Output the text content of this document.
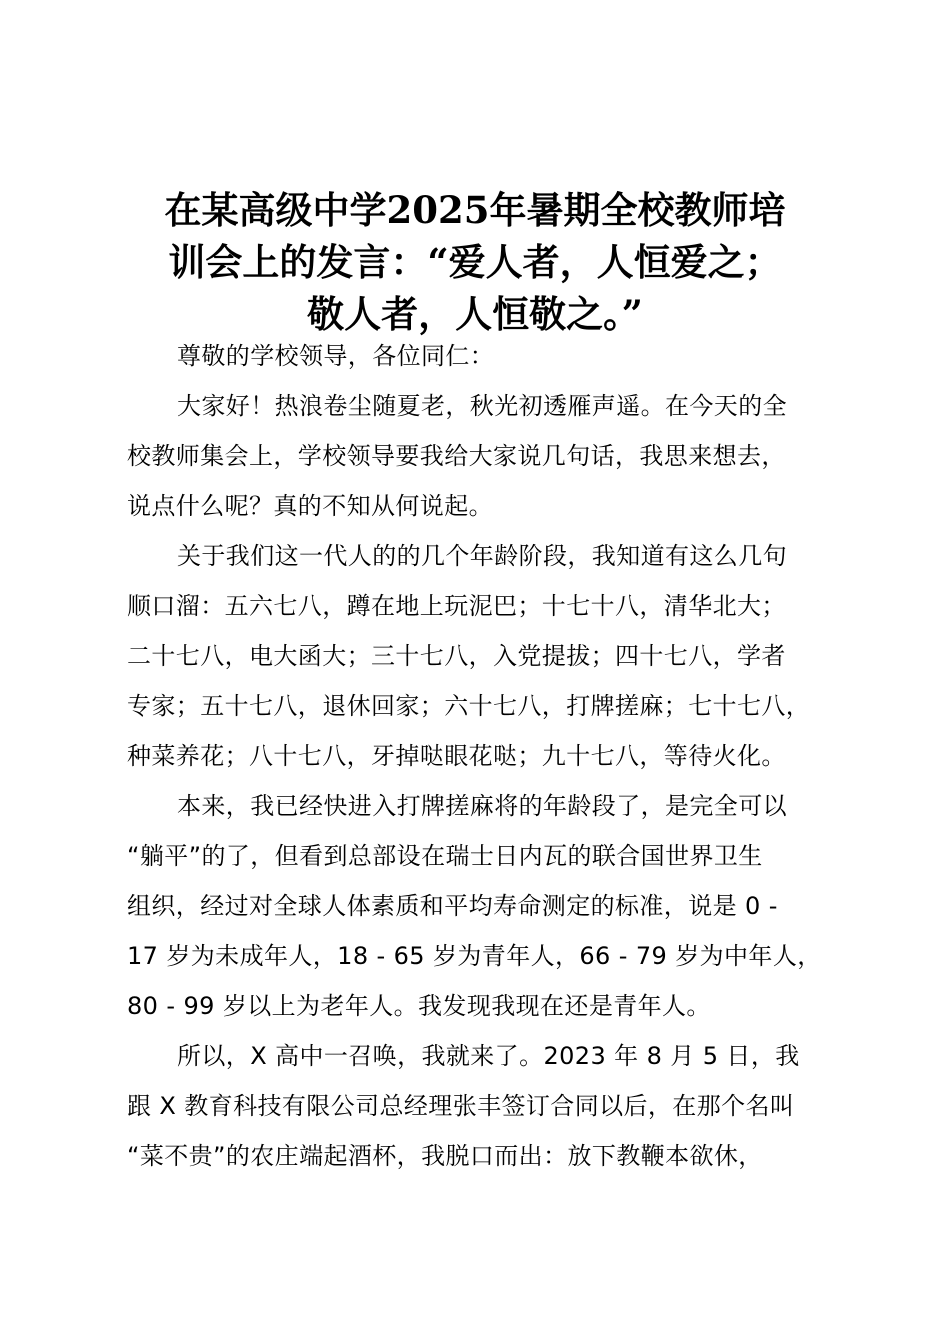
在某高级中学2025年暑期全校教师培
训会上的发言：“爱人者，人恒爱之；
敬人者，人恒敬之。”
尊敬的学校领导，各位同仁：
大家好！热浪卷尘随夏老，秋光初透雁声遥。在今天的全
校教师集会上，学校领导要我给大家说几句话，我思来想去，
说点什么呢？真的不知从何说起。
关于我们这一代人的的几个年龄阶段，我知道有这么几句
顺口溜：五六七八，蹲在地上玩泥巴；十七十八，清华北大；
二十七八，电大函大；三十七八，入党提拔；四十七八，学者
专家；五十七八，退休回家；六十七八，打牌搓麻；七十七八，
种菜养花；八十七八，牙掉哒眼花哒；九十七八，等待火化。
本来，我已经快进入打牌搓麻将的年龄段了，是完全可以
“躺平”的了，但看到总部设在瑞士日内瓦的联合国世界卫生
组织，经过对全球人体素质和平均寿命测定的标准，说是 0 -
17 岁为未成年人，18 - 65 岁为青年人，66 - 79 岁为中年人，
80 - 99 岁以上为老年人。我发现我现在还是青年人。
所以，X 高中一召唤，我就来了。2023 年 8 月 5 日，我
跟 X 教育科技有限公司总经理张丰签订合同以后，在那个名叫
“菜不贵”的农庄端起酒杯，我脱口而出：放下教鞭本欲休，
